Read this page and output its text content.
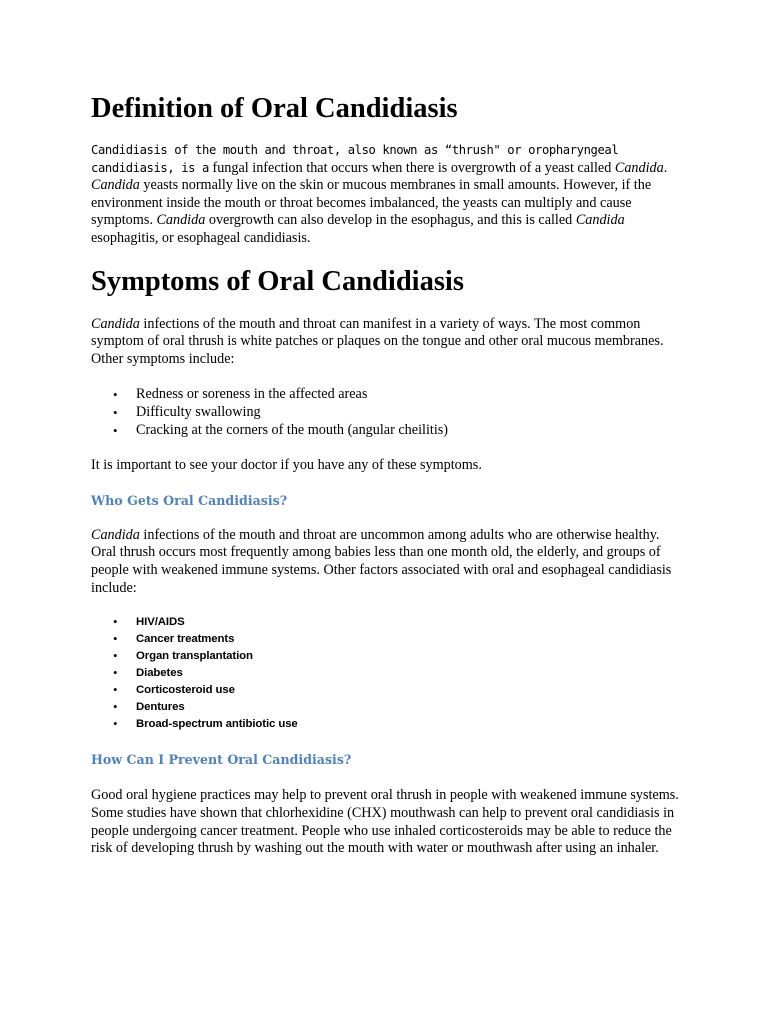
Definition of Oral Candidiasis

Candidiasis of the mouth and throat, also known as “thrush" or oropharyngeal candidiasis, is a fungal infection that occurs when there is overgrowth of a yeast called Candida. Candida yeasts normally live on the skin or mucous membranes in small amounts. However, if the environment inside the mouth or throat becomes imbalanced, the yeasts can multiply and cause symptoms. Candida overgrowth can also develop in the esophagus, and this is called Candida esophagitis, or esophageal candidiasis.

Symptoms of Oral Candidiasis

Candida infections of the mouth and throat can manifest in a variety of ways. The most common symptom of oral thrush is white patches or plaques on the tongue and other oral mucous membranes. Other symptoms include:

• Redness or soreness in the affected areas
• Difficulty swallowing
• Cracking at the corners of the mouth (angular cheilitis)

It is important to see your doctor if you have any of these symptoms.

Who Gets Oral Candidiasis?

Candida infections of the mouth and throat are uncommon among adults who are otherwise healthy. Oral thrush occurs most frequently among babies less than one month old, the elderly, and groups of people with weakened immune systems. Other factors associated with oral and esophageal candidiasis include:

• HIV/AIDS
• Cancer treatments
• Organ transplantation
• Diabetes
• Corticosteroid use
• Dentures
• Broad-spectrum antibiotic use
How Can I Prevent Oral Candidiasis?

Good oral hygiene practices may help to prevent oral thrush in people with weakened immune systems. Some studies have shown that chlorhexidine (CHX) mouthwash can help to prevent oral candidiasis in people undergoing cancer treatment. People who use inhaled corticosteroids may be able to reduce the risk of developing thrush by washing out the mouth with water or mouthwash after using an inhaler.
